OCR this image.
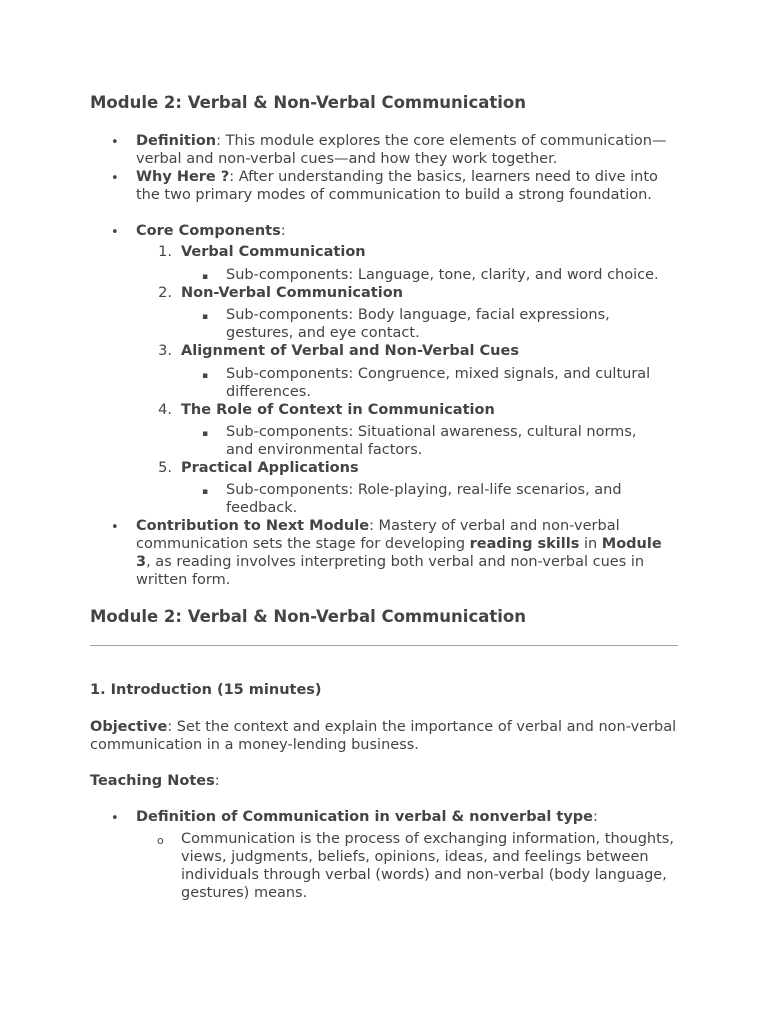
Module 2: Verbal & Non-Verbal Communication
• Definition: This module explores the core elements of communication—verbal and non-verbal cues—and how they work together.
• Why Here ?: After understanding the basics, learners need to dive into the two primary modes of communication to build a strong foundation.
• Core Components:
1. Verbal Communication
▪ Sub-components: Language, tone, clarity, and word choice.
2. Non-Verbal Communication
▪ Sub-components: Body language, facial expressions, gestures, and eye contact.
3. Alignment of Verbal and Non-Verbal Cues
▪ Sub-components: Congruence, mixed signals, and cultural differences.
4. The Role of Context in Communication
▪ Sub-components: Situational awareness, cultural norms, and environmental factors.
5. Practical Applications
▪ Sub-components: Role-playing, real-life scenarios, and feedback.
• Contribution to Next Module: Mastery of verbal and non-verbal communication sets the stage for developing reading skills in Module 3, as reading involves interpreting both verbal and non-verbal cues in written form.
Module 2: Verbal & Non-Verbal Communication
1. Introduction (15 minutes)
Objective: Set the context and explain the importance of verbal and non-verbal communication in a money-lending business.
Teaching Notes:
• Definition of Communication in verbal & nonverbal type:
o Communication is the process of exchanging information, thoughts, views, judgments, beliefs, opinions, ideas, and feelings between individuals through verbal (words) and non-verbal (body language, gestures) means.
